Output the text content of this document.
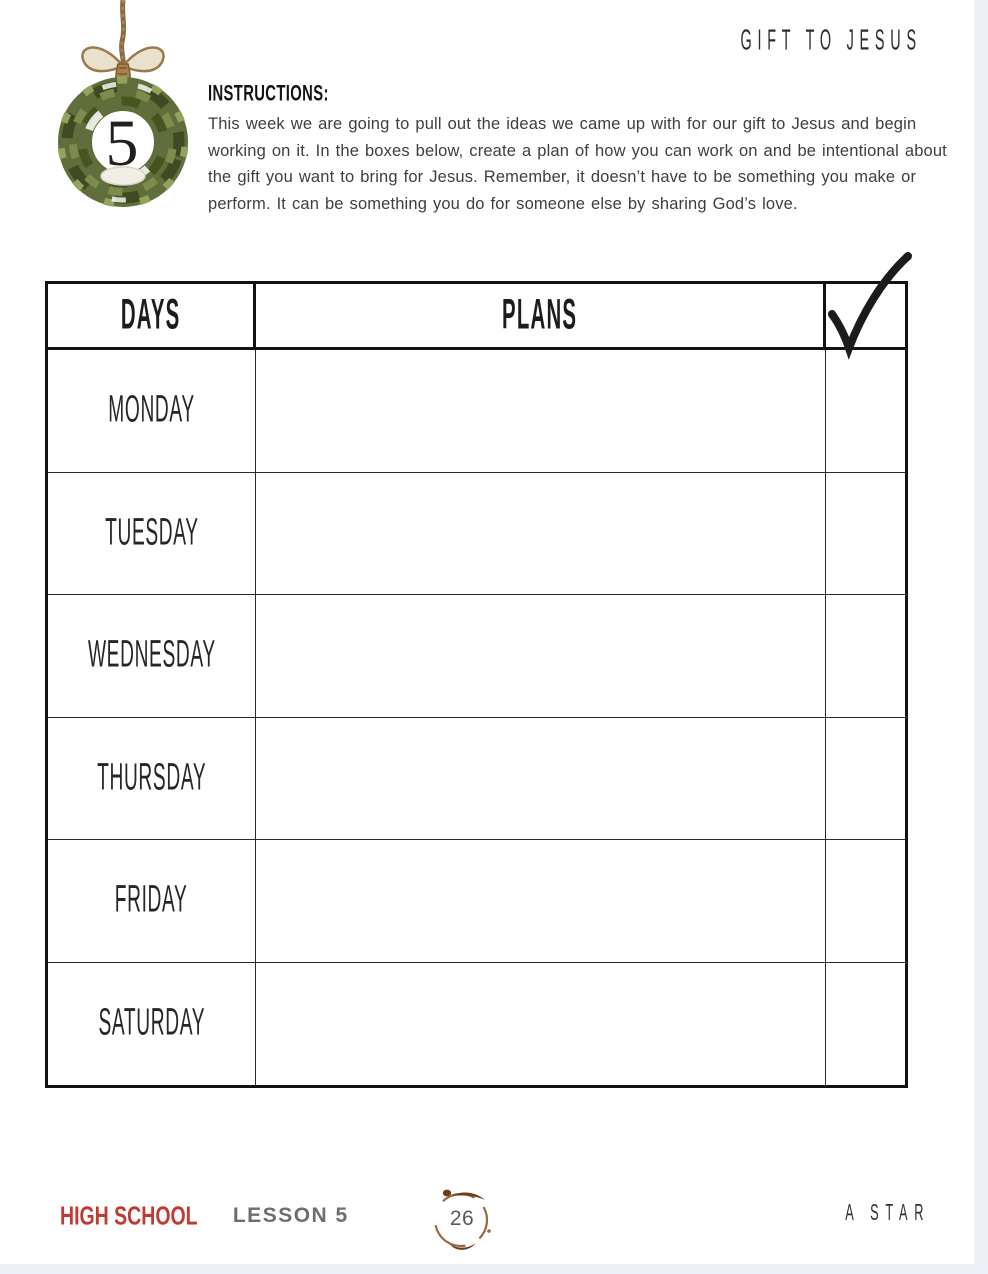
GIFT TO JESUS
5
INSTRUCTIONS:
This week we are going to pull out the ideas we came up with for our gift to Jesus and begin working on it. In the boxes below, create a plan of how you can work on and be intentional about the gift you want to bring for Jesus. Remember, it doesn’t have to be something you make or perform. It can be something you do for someone else by sharing God’s love.
DAYS	PLANS
MONDAY
TUESDAY
WEDNESDAY
THURSDAY
FRIDAY
SATURDAY
HIGH SCHOOL LESSON 5	26	A STAR
